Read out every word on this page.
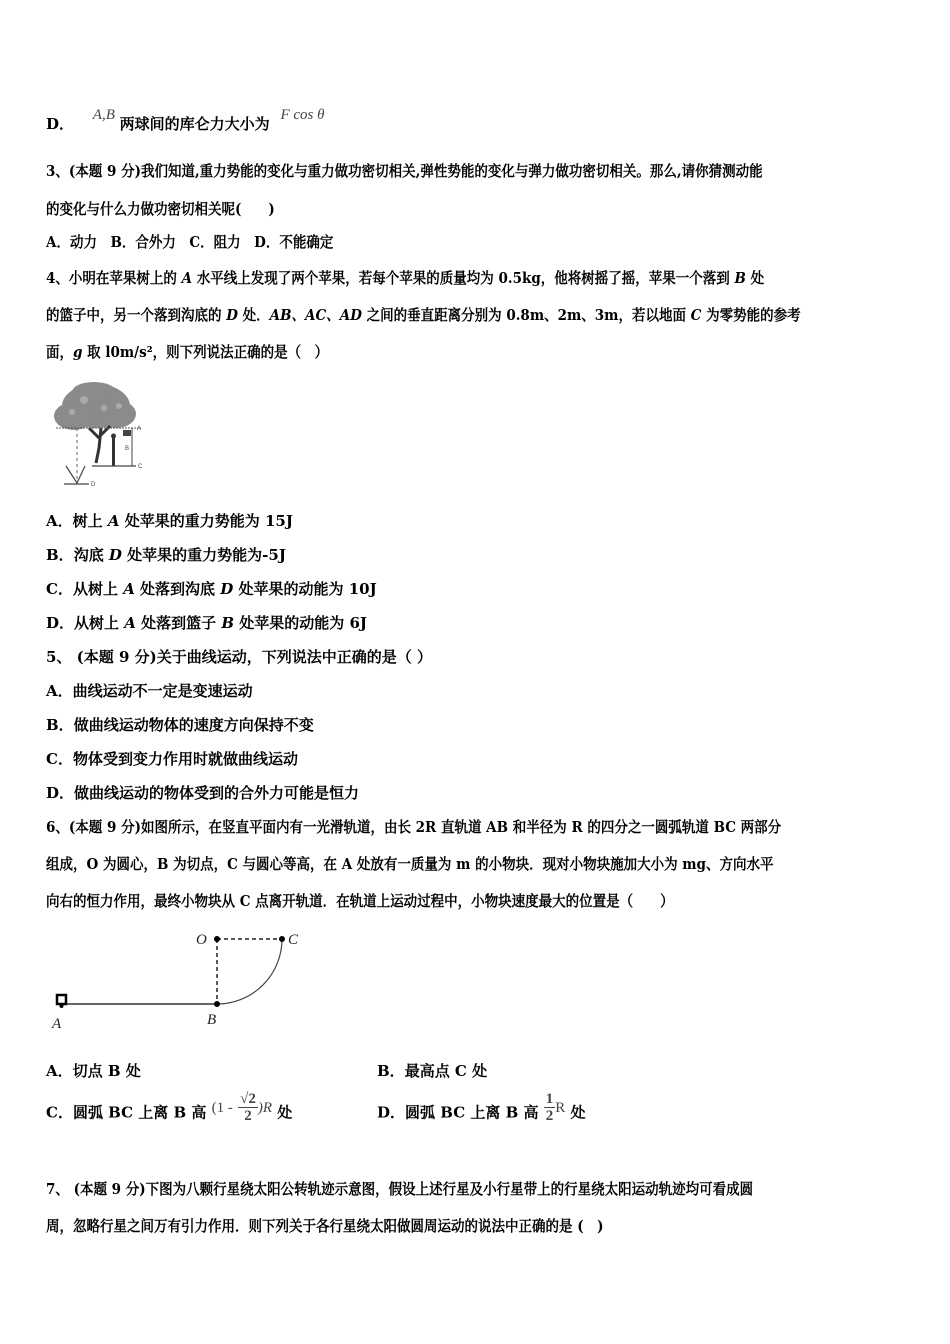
D． A,B 两球间的库仑力大小为 F cos θ
3、(本题 9 分)我们知道,重力势能的变化与重力做功密切相关,弹性势能的变化与弹力做功密切相关。那么,请你猜测动能
的变化与什么力做功密切相关呢(　　)
A．动力　B．合外力　C．阻力　D．不能确定
4、小明在苹果树上的 A 水平线上发现了两个苹果，若每个苹果的质量均为 0.5kg，他将树摇了摇，苹果一个落到 B 处
的篮子中，另一个落到沟底的 D 处．AB、AC、AD 之间的垂直距离分别为 0.8m、2m、3m，若以地面 C 为零势能的参考
面，g 取 l0m/s²，则下列说法正确的是（　）
A
B
C
D
A．树上 A 处苹果的重力势能为 15J
B．沟底 D 处苹果的重力势能为-5J
C．从树上 A 处落到沟底 D 处苹果的动能为 10J
D．从树上 A 处落到篮子 B 处苹果的动能为 6J
5、 (本题 9 分)关于曲线运动，下列说法中正确的是（ ）
A．曲线运动不一定是变速运动
B．做曲线运动物体的速度方向保持不变
C．物体受到变力作用时就做曲线运动
D．做曲线运动的物体受到的合外力可能是恒力
6、(本题 9 分)如图所示，在竖直平面内有一光滑轨道，由长 2R 直轨道 AB 和半径为 R 的四分之一圆弧轨道 BC 两部分
组成，O 为圆心，B 为切点，C 与圆心等高，在 A 处放有一质量为 m 的小物块．现对小物块施加大小为 mg、方向水平
向右的恒力作用，最终小物块从 C 点离开轨道．在轨道上运动过程中，小物块速度最大的位置是（　　）
O	C
A	B
A．切点 B 处	B．最高点 C 处
C．圆弧 BC 上离 B 高 $(1 - \frac{√2}{2} )R$ 处	D．圆弧 BC 上离 B 高 $\frac{1}{2}$ R 处
7、 (本题 9 分)下图为八颗行星绕太阳公转轨迹示意图，假设上述行星及小行星带上的行星绕太阳运动轨迹均可看成圆
周，忽略行星之间万有引力作用．则下列关于各行星绕太阳做圆周运动的说法中正确的是 (　)
